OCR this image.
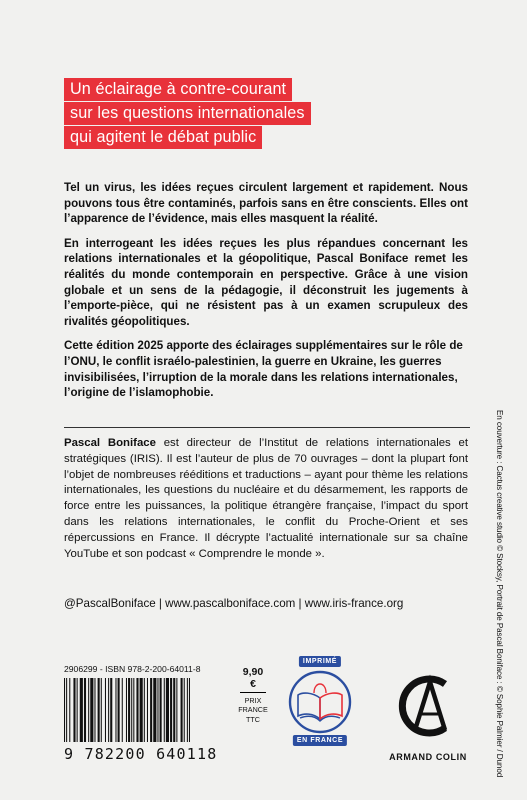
Un éclairage à contre-courant
sur les questions internationales
qui agitent le débat public

Tel un virus, les idées reçues circulent largement et rapidement. Nous pouvons tous être contaminés, parfois sans en être conscients. Elles ont l’apparence de l’évidence, mais elles masquent la réalité.

En interrogeant les idées reçues les plus répandues concernant les relations internationales et la géopolitique, Pascal Boniface remet les réalités du monde contemporain en perspective. Grâce à une vision globale et un sens de la pédagogie, il déconstruit les jugements à l’emporte-pièce, qui ne résistent pas à un examen scrupuleux des rivalités géopolitiques.

Cette édition 2025 apporte des éclairages supplémentaires sur le rôle de l’ONU, le conflit israélo-palestinien, la guerre en Ukraine, les guerres invisibilisées, l’irruption de la morale dans les relations internationales, l’origine de l’islamophobie.

Pascal Boniface est directeur de l’Institut de relations internationales et stratégiques (IRIS). Il est l’auteur de plus de 70 ouvrages – dont la plupart font l’objet de nombreuses rééditions et traductions – ayant pour thème les relations internationales, les questions du nucléaire et du désarmement, les rapports de force entre les puissances, la politique étrangère française, l’impact du sport dans les relations internationales, le conflit du Proche-Orient et ses répercussions en France. Il décrypte l’actualité internationale sur sa chaîne YouTube et son podcast « Comprendre le monde ».
@PascalBoniface | www.pascalboniface.com | www.iris-france.org
2906299 - ISBN 978-2-200-64011-8
9 782200 640118
9,90 €
PRIX
FRANCE
TTC
IMPRIMÉ
EN FRANCE
ARMAND COLIN	En couverture : Cactus creative studio © Stocksy, Portrait de Pascal Boniface : © Sophie Palmier / Dunod
